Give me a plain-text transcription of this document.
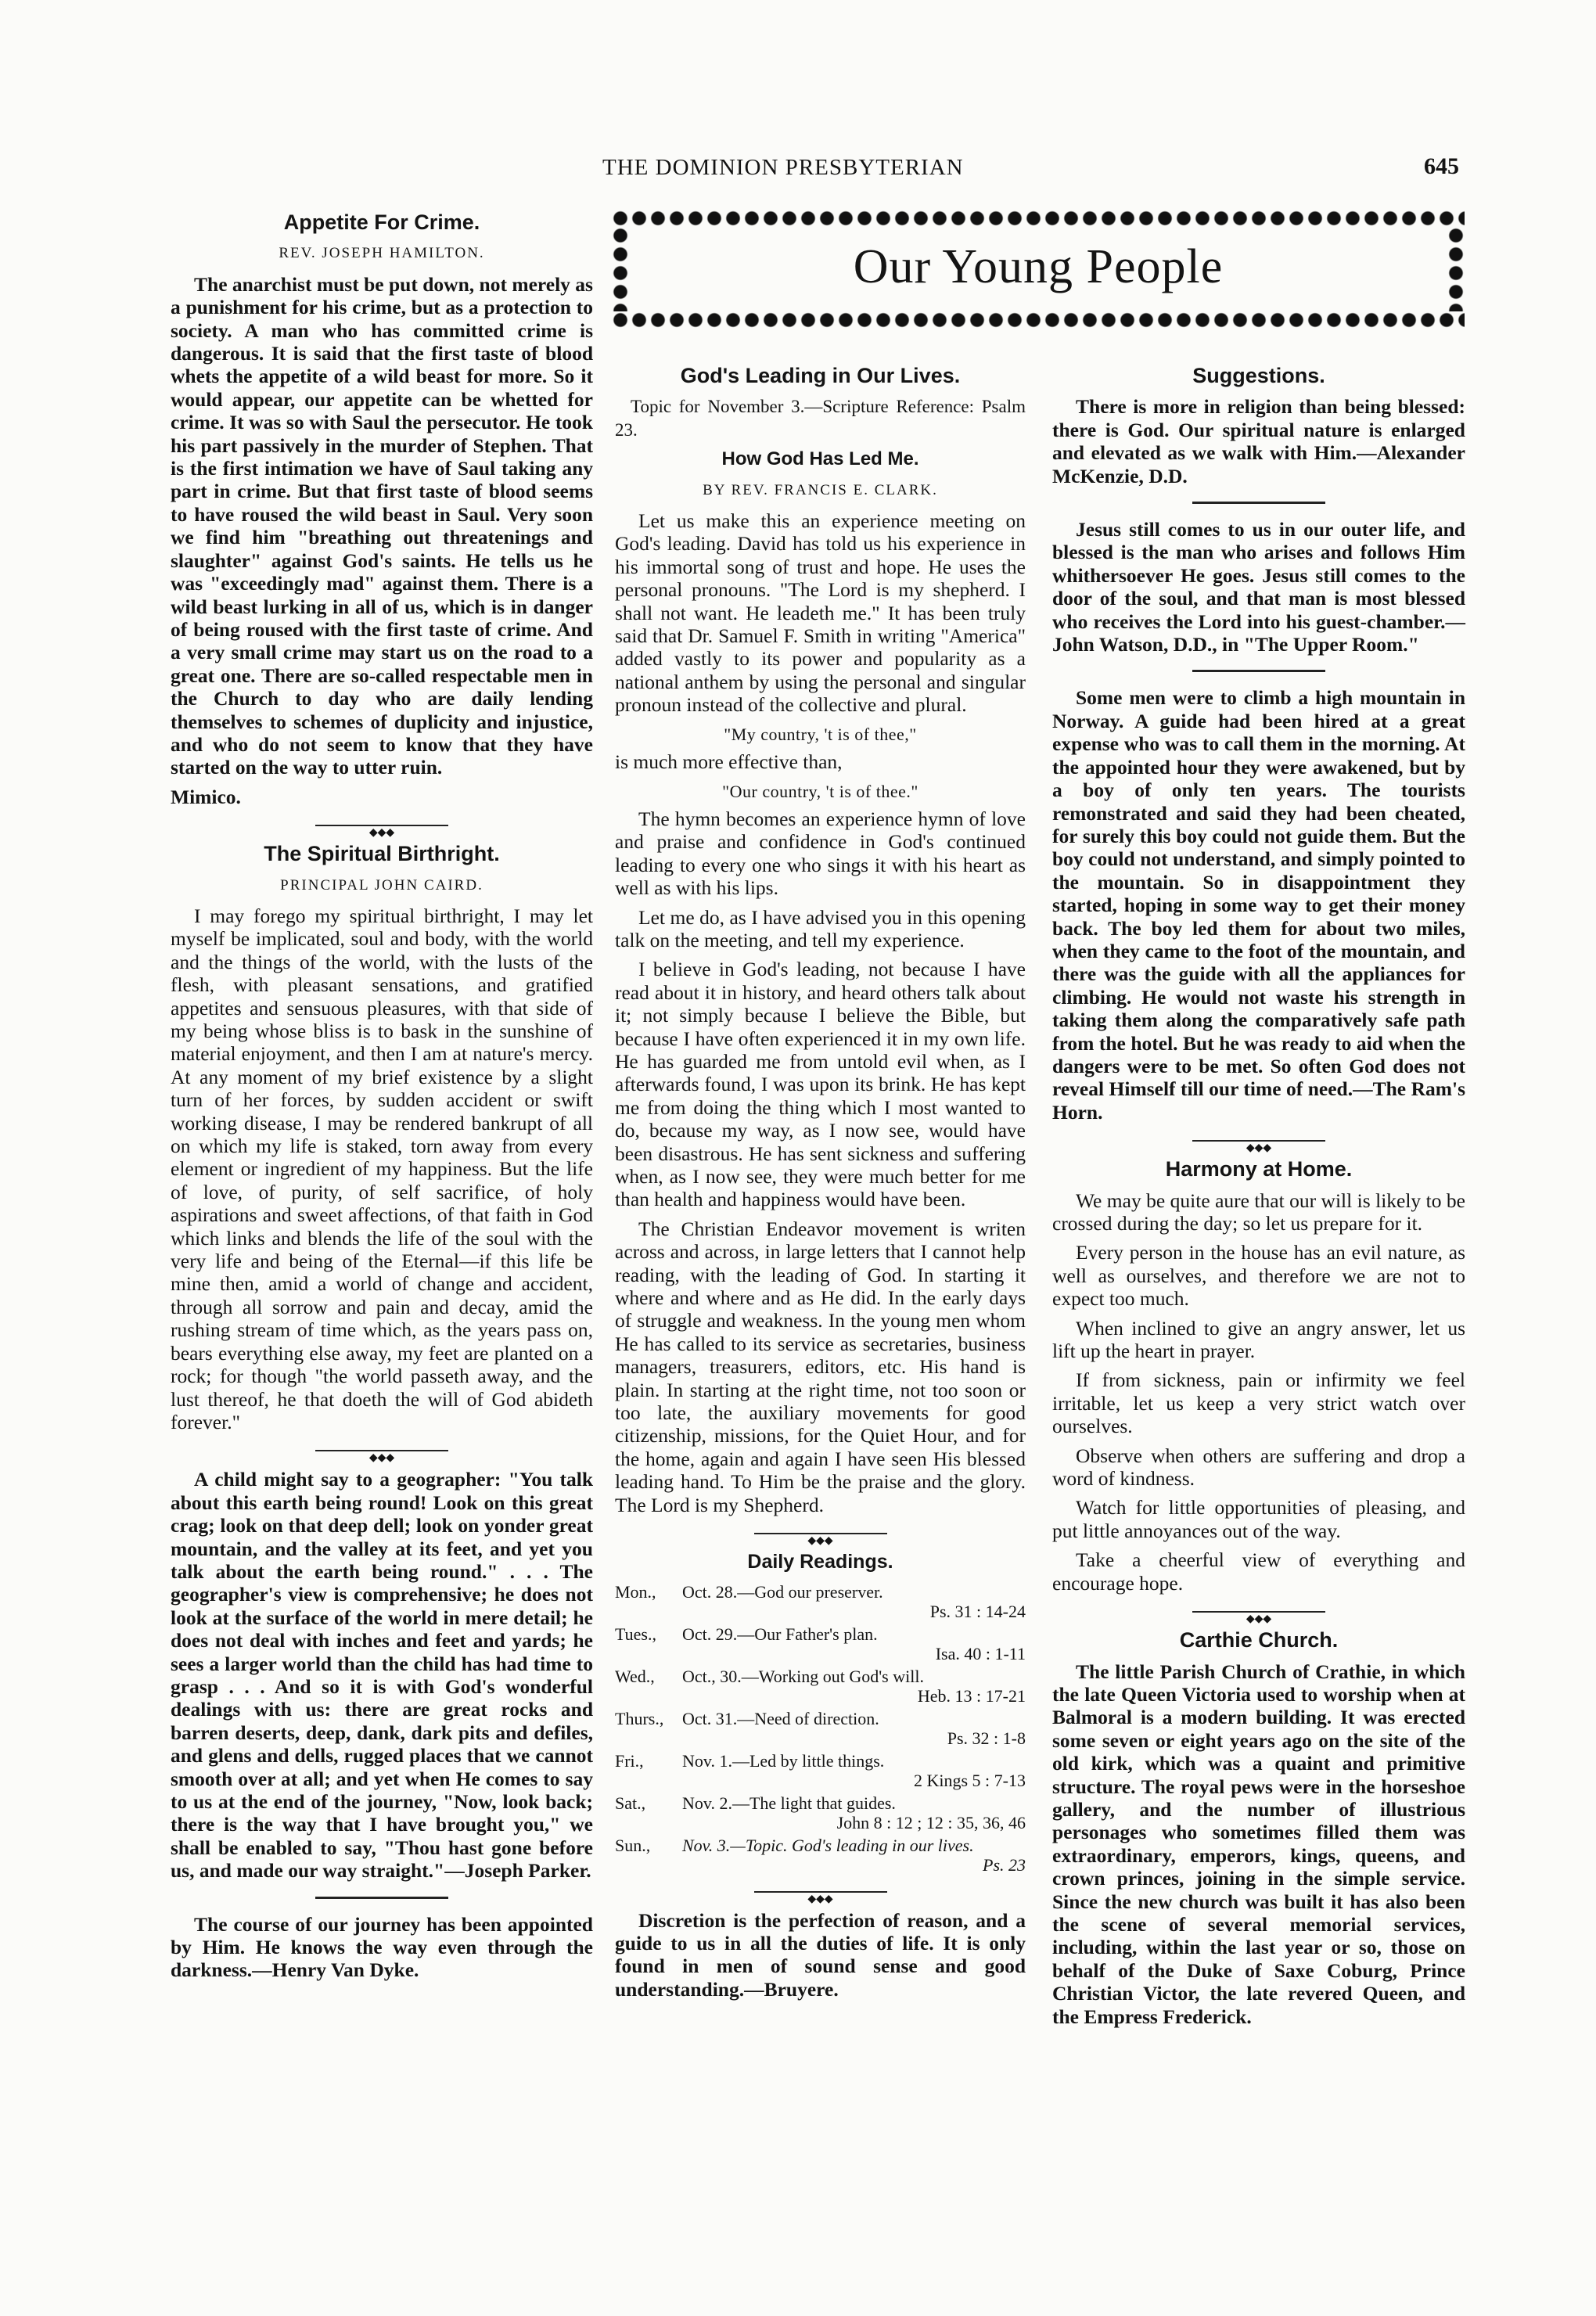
THE DOMINION PRESBYTERIAN	645
Our Young People
Appetite For Crime.
REV. JOSEPH HAMILTON.

The anarchist must be put down, not merely as a punishment for his crime, but as a protection to society. A man who has committed crime is dangerous. It is said that the first taste of blood whets the appetite of a wild beast for more. So it would appear, our appetite can be whetted for crime. It was so with Saul the persecutor. He took his part passively in the murder of Stephen. That is the first intimation we have of Saul taking any part in crime. But that first taste of blood seems to have roused the wild beast in Saul. Very soon we find him "breathing out threatenings and slaughter" against God's saints. He tells us he was "exceedingly mad" against them. There is a wild beast lurking in all of us, which is in danger of being roused with the first taste of crime. And a very small crime may start us on the road to a great one. There are so-called respectable men in the Church to day who are daily lending themselves to schemes of duplicity and injustice, and who do not seem to know that they have started on the way to utter ruin.

Mimico.

◆◆◆
The Spiritual Birthright.
PRINCIPAL JOHN CAIRD.

I may forego my spiritual birthright, I may let myself be implicated, soul and body, with the world and the things of the world, with the lusts of the flesh, with pleasant sensations, and gratified appetites and sensuous pleasures, with that side of my being whose bliss is to bask in the sunshine of material enjoyment, and then I am at nature's mercy. At any moment of my brief existence by a slight turn of her forces, by sudden accident or swift working disease, I may be rendered bankrupt of all on which my life is staked, torn away from every element or ingredient of my happiness. But the life of love, of purity, of self sacrifice, of holy aspirations and sweet affections, of that faith in God which links and blends the life of the soul with the very life and being of the Eternal—if this life be mine then, amid a world of change and accident, through all sorrow and pain and decay, amid the rushing stream of time which, as the years pass on, bears everything else away, my feet are planted on a rock; for though "the world passeth away, and the lust thereof, he that doeth the will of God abideth forever."

◆◆◆

A child might say to a geographer: "You talk about this earth being round! Look on this great crag; look on that deep dell; look on yonder great mountain, and the valley at its feet, and yet you talk about the earth being round." . . . The geographer's view is comprehensive; he does not look at the surface of the world in mere detail; he does not deal with inches and feet and yards; he sees a larger world than the child has had time to grasp . . . And so it is with God's wonderful dealings with us: there are great rocks and barren deserts, deep, dank, dark pits and defiles, and glens and dells, rugged places that we cannot smooth over at all; and yet when He comes to say to us at the end of the journey, "Now, look back; there is the way that I have brought you," we shall be enabled to say, "Thou hast gone before us, and made our way straight."—Joseph Parker.

The course of our journey has been appointed by Him. He knows the way even through the darkness.—Henry Van Dyke.

God's Leading in Our Lives.

Topic for November 3.—Scripture Reference: Psalm 23.

How God Has Led Me.
BY REV. FRANCIS E. CLARK.

Let us make this an experience meeting on God's leading. David has told us his experience in his immortal song of trust and hope. He uses the personal pronouns. "The Lord is my shepherd. I shall not want. He leadeth me." It has been truly said that Dr. Samuel F. Smith in writing "America" added vastly to its power and popularity as a national anthem by using the personal and singular pronoun instead of the collective and plural.

"My country, 't is of thee,"

is much more effective than,

"Our country, 't is of thee."

The hymn becomes an experience hymn of love and praise and confidence in God's continued leading to every one who sings it with his heart as well as with his lips.

Let me do, as I have advised you in this opening talk on the meeting, and tell my experience.

I believe in God's leading, not because I have read about it in history, and heard others talk about it; not simply because I believe the Bible, but because I have often experienced it in my own life. He has guarded me from untold evil when, as I afterwards found, I was upon its brink. He has kept me from doing the thing which I most wanted to do, because my way, as I now see, would have been disastrous. He has sent sickness and suffering when, as I now see, they were much better for me than health and happiness would have been.

The Christian Endeavor movement is writen across and across, in large letters that I cannot help reading, with the leading of God. In starting it where and where and as He did. In the early days of struggle and weakness. In the young men whom He has called to its service as secretaries, business managers, treasurers, editors, etc. His hand is plain. In starting at the right time, not too soon or too late, the auxiliary movements for good citizenship, missions, for the Quiet Hour, and for the home, again and again I have seen His blessed leading hand. To Him be the praise and the glory. The Lord is my Shepherd.

◆◆◆
Daily Readings.
Mon.,	Oct. 28.—God our preserver.
Ps. 31 : 14-24
Tues.,	Oct. 29.—Our Father's plan.
Isa. 40 : 1-11
Wed.,	Oct., 30.—Working out God's will.
Heb. 13 : 17-21
Thurs.,	Oct. 31.—Need of direction.
Ps. 32 : 1-8
Fri.,	Nov. 1.—Led by little things.
2 Kings 5 : 7-13
Sat.,	Nov. 2.—The light that guides.
John 8 : 12 ; 12 : 35, 36, 46
Sun.,	Nov. 3.—Topic. God's leading in our lives.
Ps. 23
◆◆◆

Discretion is the perfection of reason, and a guide to us in all the duties of life. It is only found in men of sound sense and good understanding.—Bruyere.

Suggestions.

There is more in religion than being blessed: there is God. Our spiritual nature is enlarged and elevated as we walk with Him.—Alexander McKenzie, D.D.

Jesus still comes to us in our outer life, and blessed is the man who arises and follows Him whithersoever He goes. Jesus still comes to the door of the soul, and that man is most blessed who receives the Lord into his guest-chamber.—John Watson, D.D., in "The Upper Room."

Some men were to climb a high mountain in Norway. A guide had been hired at a great expense who was to call them in the morning. At the appointed hour they were awakened, but by a boy of only ten years. The tourists remonstrated and said they had been cheated, for surely this boy could not guide them. But the boy could not understand, and simply pointed to the mountain. So in disappointment they started, hoping in some way to get their money back. The boy led them for about two miles, when they came to the foot of the mountain, and there was the guide with all the appliances for climbing. He would not waste his strength in taking them along the comparatively safe path from the hotel. But he was ready to aid when the dangers were to be met. So often God does not reveal Himself till our time of need.—The Ram's Horn.

◆◆◆
Harmony at Home.

We may be quite aure that our will is likely to be crossed during the day; so let us prepare for it.

Every person in the house has an evil nature, as well as ourselves, and therefore we are not to expect too much.

When inclined to give an angry answer, let us lift up the heart in prayer.

If from sickness, pain or infirmity we feel irritable, let us keep a very strict watch over ourselves.

Observe when others are suffering and drop a word of kindness.

Watch for little opportunities of pleasing, and put little annoyances out of the way.

Take a cheerful view of everything and encourage hope.

◆◆◆
Carthie Church.

The little Parish Church of Crathie, in which the late Queen Victoria used to worship when at Balmoral is a modern building. It was erected some seven or eight years ago on the site of the old kirk, which was a quaint and primitive structure. The royal pews were in the horseshoe gallery, and the number of illustrious personages who sometimes filled them was extraordinary, emperors, kings, queens, and crown princes, joining in the simple service. Since the new church was built it has also been the scene of several memorial services, including, within the last year or so, those on behalf of the Duke of Saxe Coburg, Prince Christian Victor, the late revered Queen, and the Empress Frederick.
